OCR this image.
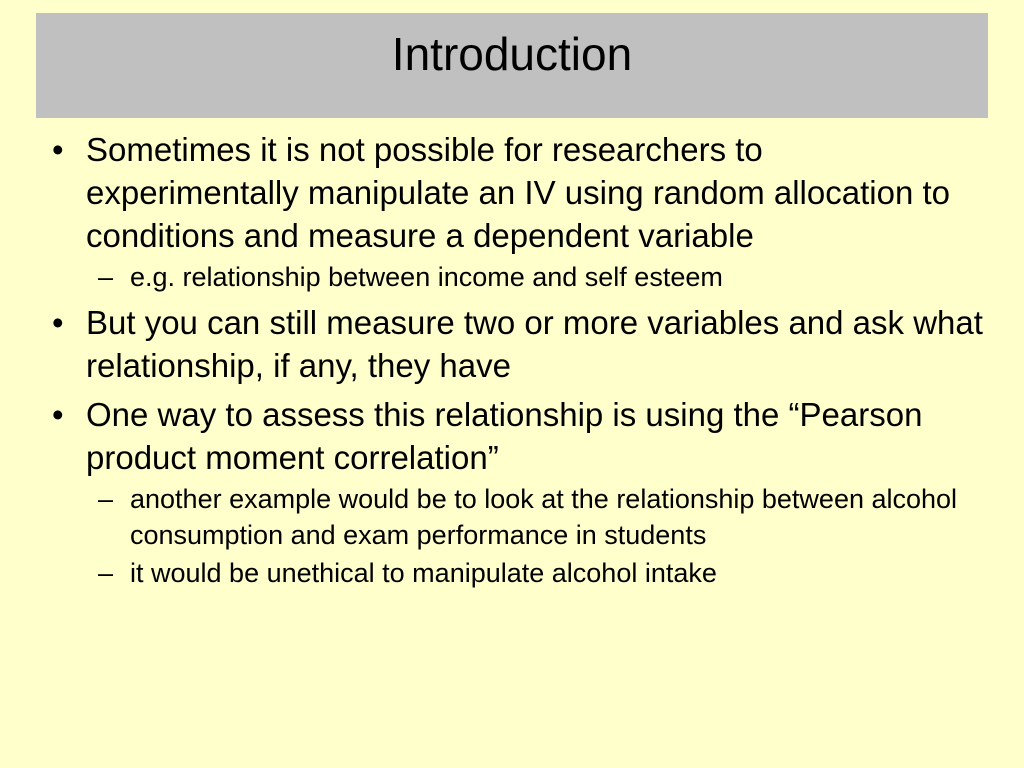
Introduction
• Sometimes it is not possible for researchers to experimentally manipulate an IV using random allocation to conditions and measure a dependent variable
– e.g. relationship between income and self esteem
• But you can still measure two or more variables and ask what relationship, if any, they have
• One way to assess this relationship is using the “Pearson product moment correlation”
– another example would be to look at the relationship between alcohol consumption and exam performance in students
– it would be unethical to manipulate alcohol intake
